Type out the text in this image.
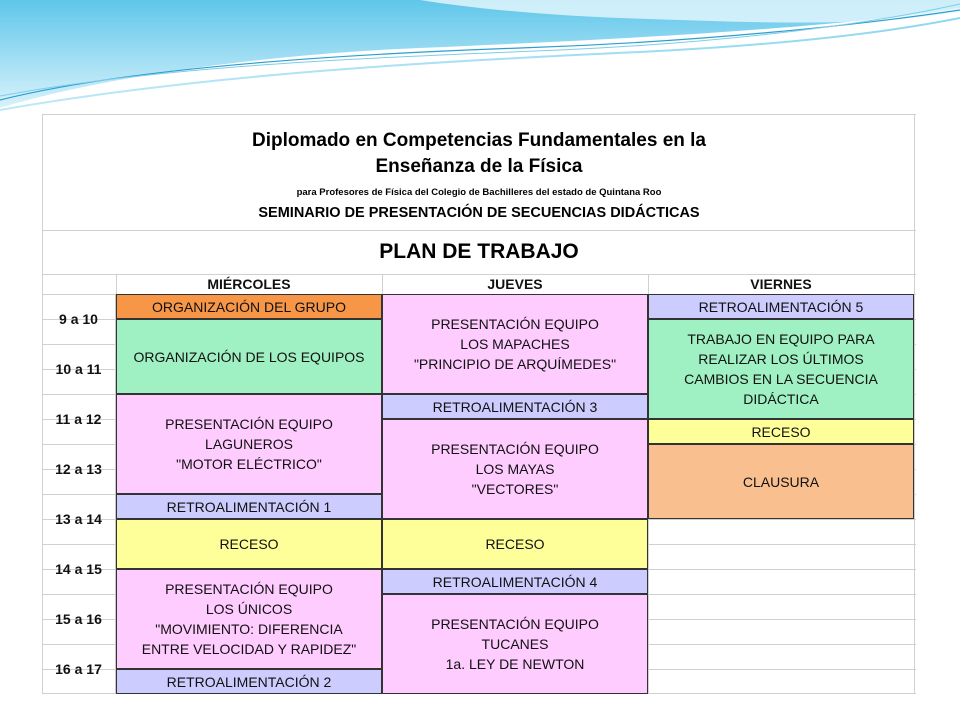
Diplomado en Competencias Fundamentales en la
Enseñanza de la Física
para Profesores de Física del Colegio de Bachilleres del estado de Quintana Roo
SEMINARIO DE PRESENTACIÓN DE SECUENCIAS DIDÁCTICAS
PLAN DE TRABAJO
MIÉRCOLES	JUEVES	VIERNES
9 a 10
10 a 11
11 a 12
12 a 13
13 a 14
14 a 15
15 a 16
16 a 17
ORGANIZACIÓN DEL GRUPO
ORGANIZACIÓN DE LOS EQUIPOS
PRESENTACIÓN EQUIPO
LAGUNEROS
"MOTOR ELÉCTRICO"
RETROALIMENTACIÓN 1
RECESO
PRESENTACIÓN EQUIPO
LOS ÚNICOS
"MOVIMIENTO: DIFERENCIA
ENTRE VELOCIDAD Y RAPIDEZ"
RETROALIMENTACIÓN 2
PRESENTACIÓN EQUIPO
LOS MAPACHES
"PRINCIPIO DE ARQUÍMEDES"
RETROALIMENTACIÓN 3
PRESENTACIÓN EQUIPO
LOS MAYAS
"VECTORES"
RECESO
RETROALIMENTACIÓN 4
PRESENTACIÓN EQUIPO
TUCANES
1a. LEY DE NEWTON
RETROALIMENTACIÓN 5
TRABAJO EN EQUIPO PARA
REALIZAR LOS ÚLTIMOS
CAMBIOS EN LA SECUENCIA
DIDÁCTICA
RECESO
CLAUSURA
